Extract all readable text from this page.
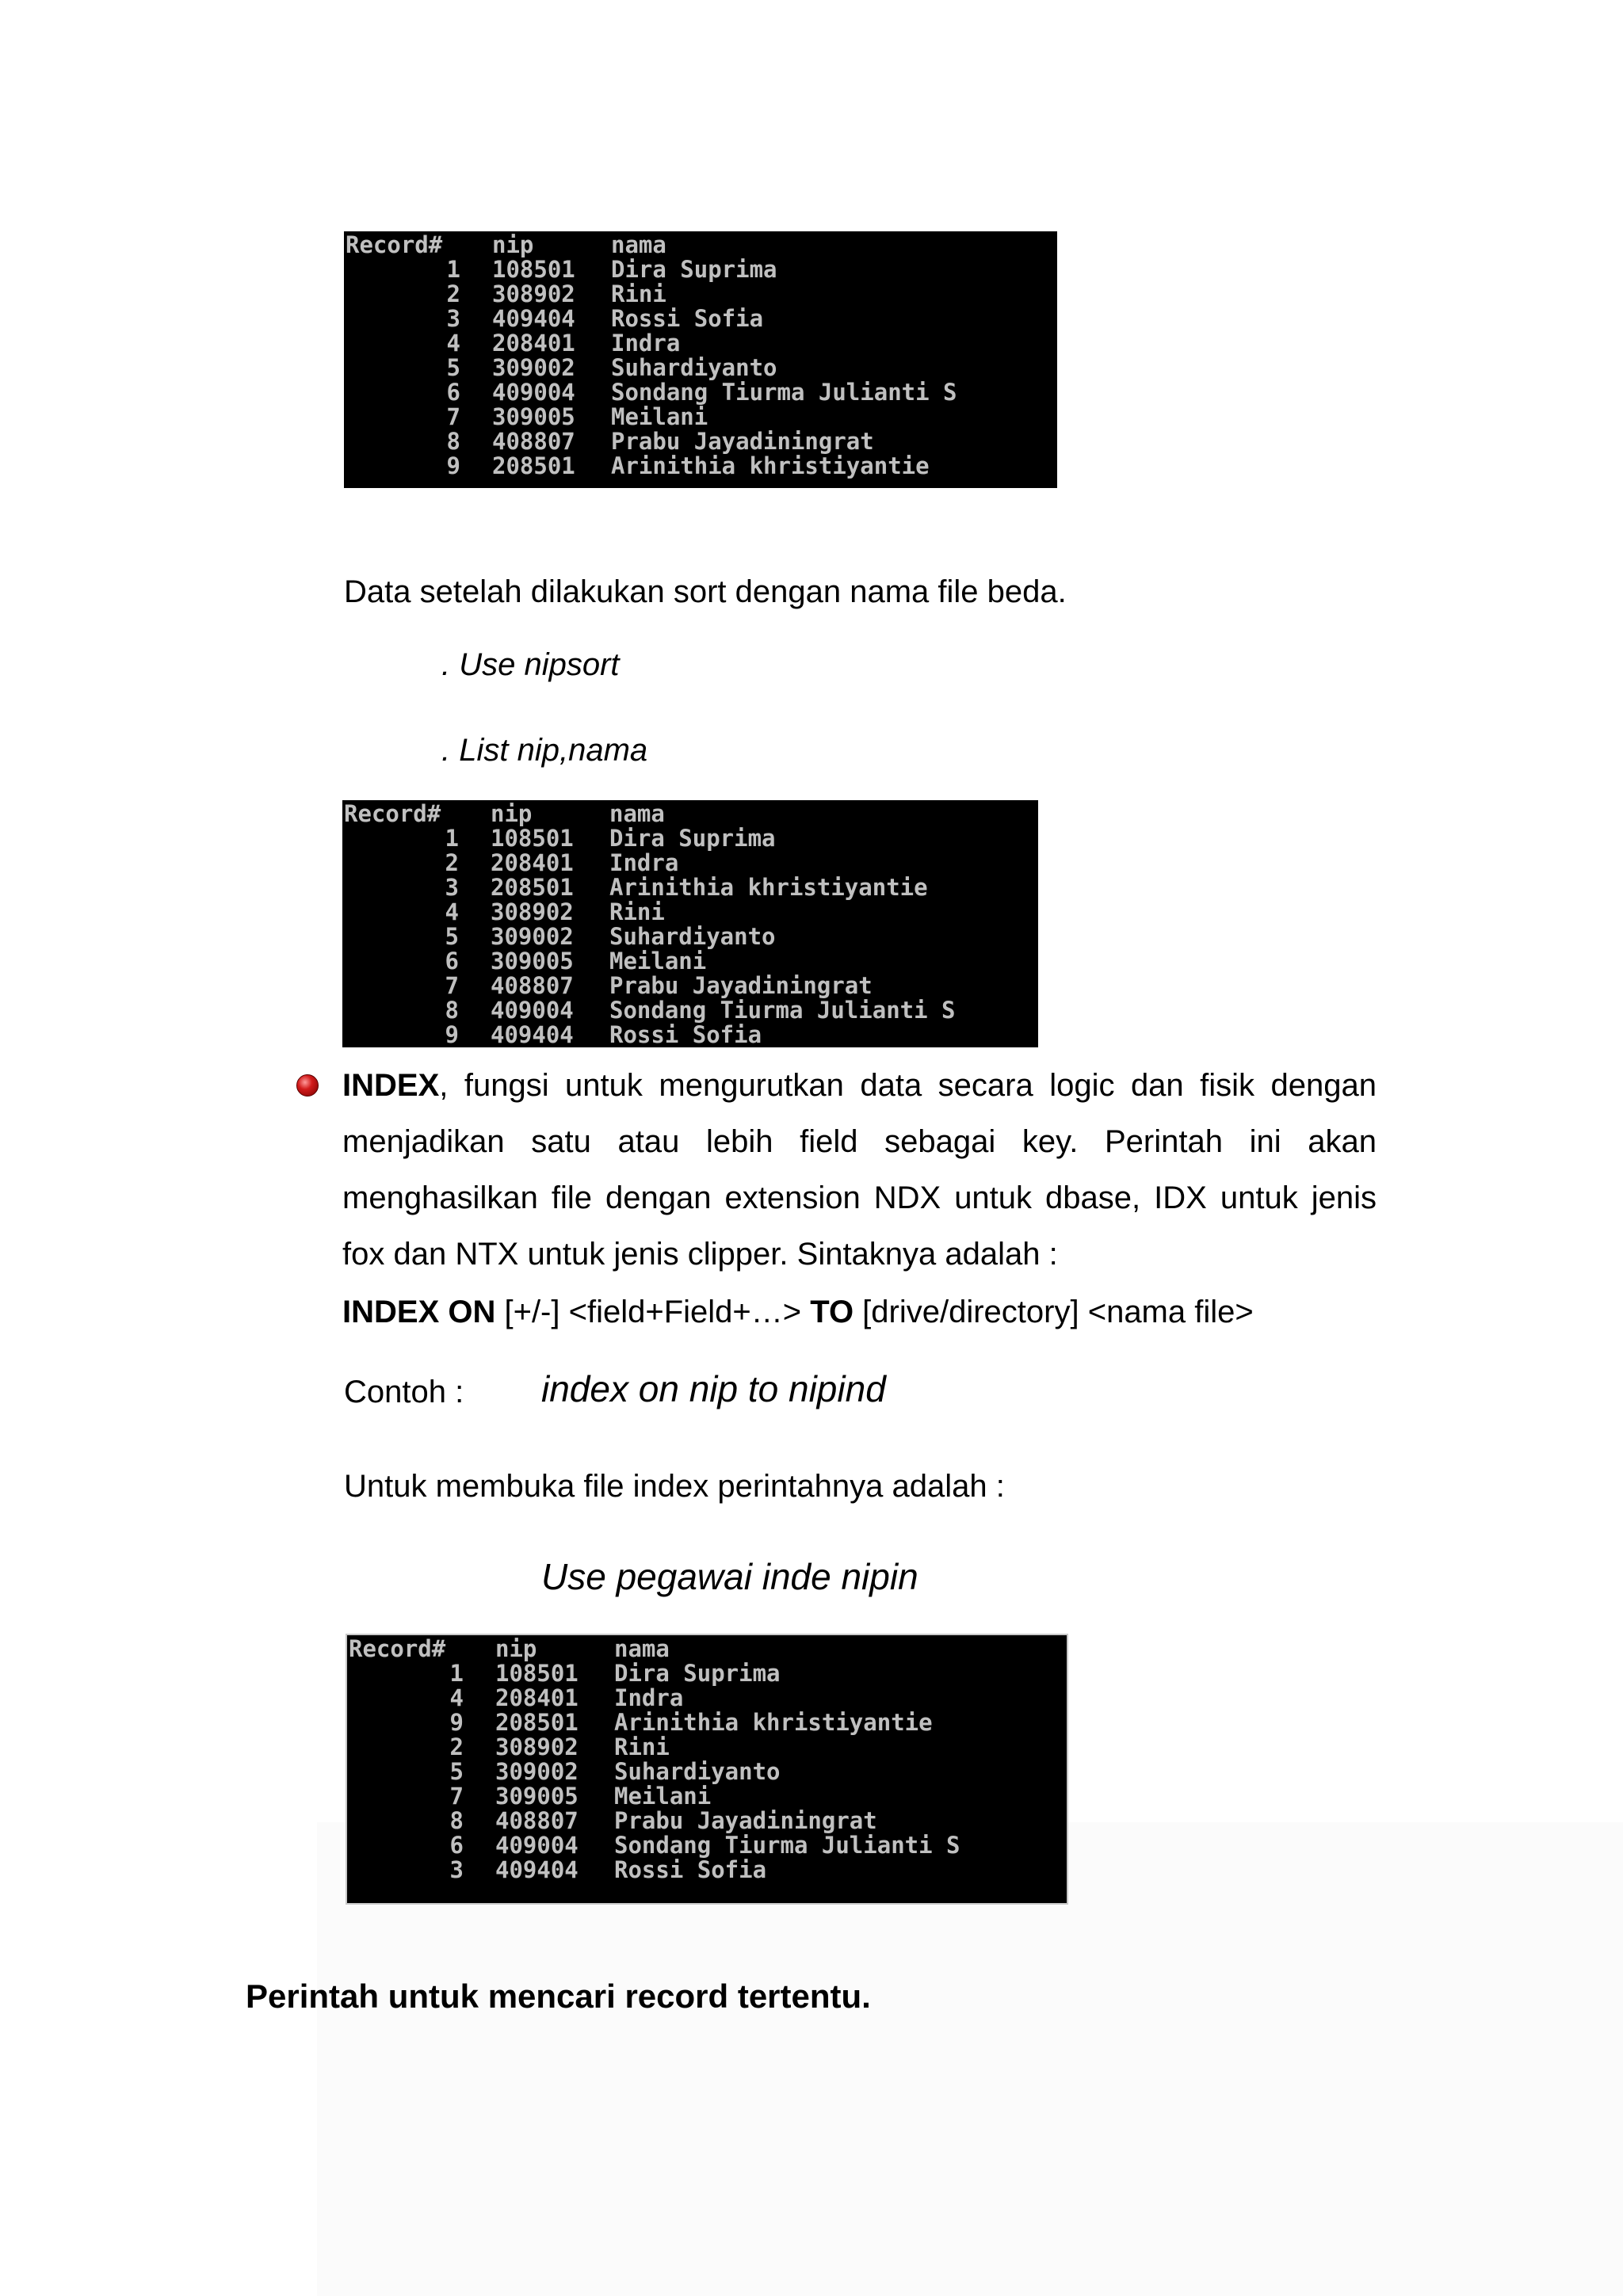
Record#	nip	nama
1	108501	Dira Suprima
2	308902	Rini
3	409404	Rossi Sofia
4	208401	Indra
5	309002	Suhardiyanto
6	409004	Sondang Tiurma Julianti S
7	309005	Meilani
8	408807	Prabu Jayadiningrat
9	208501	Arinithia khristiyantie
Data setelah dilakukan sort dengan nama file beda.
. Use nipsort
. List nip,nama
Record#	nip	nama
1	108501	Dira Suprima
2	208401	Indra
3	208501	Arinithia khristiyantie
4	308902	Rini
5	309002	Suhardiyanto
6	309005	Meilani
7	408807	Prabu Jayadiningrat
8	409004	Sondang Tiurma Julianti S
9	409404	Rossi Sofia
INDEX, fungsi untuk mengurutkan data secara logic dan fisik dengan menjadikan satu atau lebih field sebagai key. Perintah ini akan menghasilkan file dengan extension NDX untuk dbase, IDX untuk jenis fox dan NTX untuk jenis clipper. Sintaknya adalah :
INDEX ON [+/-] <field+Field+…> TO [drive/directory] <nama file>
Contoh : index on nip to nipind
Untuk membuka file index perintahnya adalah :
Use pegawai inde nipin
Record#	nip	nama
1	108501	Dira Suprima
4	208401	Indra
9	208501	Arinithia khristiyantie
2	308902	Rini
5	309002	Suhardiyanto
7	309005	Meilani
8	408807	Prabu Jayadiningrat
6	409004	Sondang Tiurma Julianti S
3	409404	Rossi Sofia
Perintah untuk mencari record tertentu.
